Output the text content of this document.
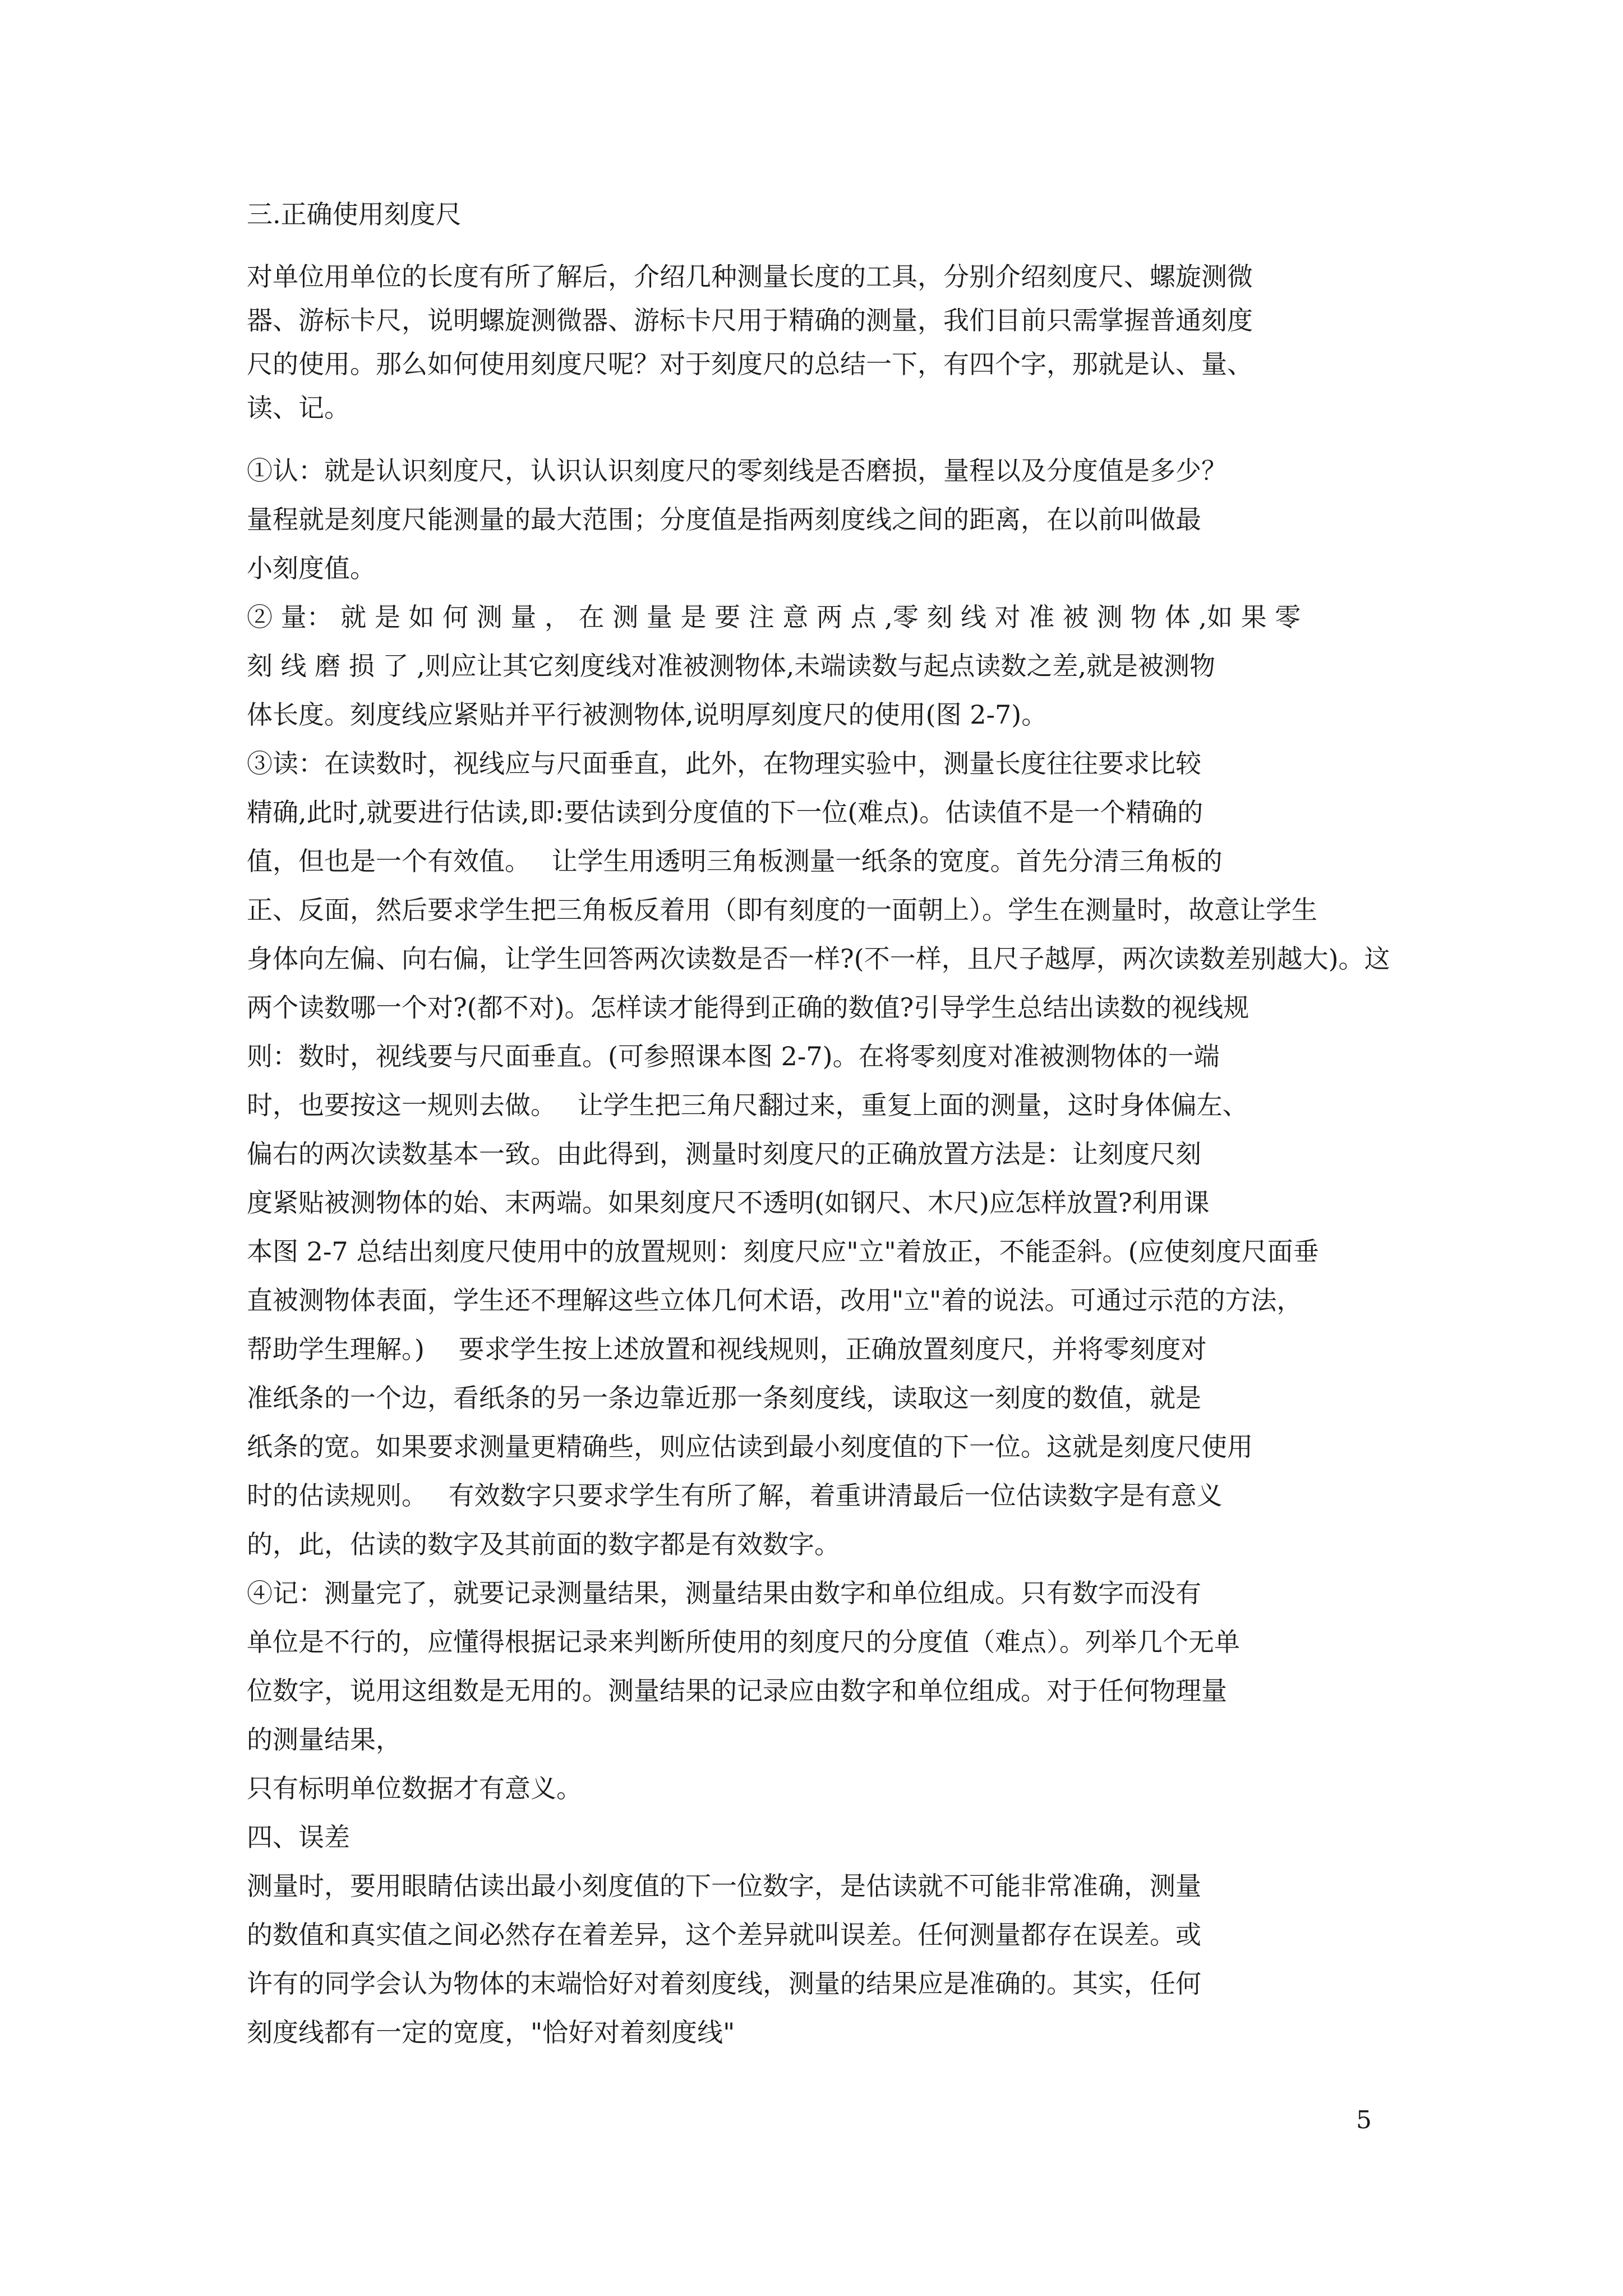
三.正确使用刻度尺

对单位用单位的长度有所了解后，介绍几种测量长度的工具，分别介绍刻度尺、螺旋测微

器、游标卡尺，说明螺旋测微器、游标卡尺用于精确的测量，我们目前只需掌握普通刻度

尺的使用。那么如何使用刻度尺呢？对于刻度尺的总结一下，有四个字，那就是认、量、

读、记。

①认：就是认识刻度尺，认识认识刻度尺的零刻线是否磨损，量程以及分度值是多少？

量程就是刻度尺能测量的最大范围；分度值是指两刻度线之间的距离，在以前叫做最

小刻度值。

② 量： 就 是 如 何 测 量 ， 在 测 量 是 要 注 意 两 点 ,零 刻 线 对 准 被 测 物 体 ,如 果 零

刻 线 磨 损 了 ,则应让其它刻度线对准被测物体,未端读数与起点读数之差,就是被测物

体长度。刻度线应紧贴并平行被测物体,说明厚刻度尺的使用(图 2-7)。

③读：在读数时，视线应与尺面垂直，此外，在物理实验中，测量长度往往要求比较

精确,此时,就要进行估读,即:要估读到分度值的下一位(难点)。估读值不是一个精确的

值，但也是一个有效值。　 让学生用透明三角板测量一纸条的宽度。首先分清三角板的

正、反面，然后要求学生把三角板反着用（即有刻度的一面朝上）。学生在测量时，故意让学生

身体向左偏、向右偏，让学生回答两次读数是否一样?(不一样，且尺子越厚，两次读数差别越大)。这

两个读数哪一个对?(都不对)。怎样读才能得到正确的数值?引导学生总结出读数的视线规

则：数时，视线要与尺面垂直。(可参照课本图 2-7)。在将零刻度对准被测物体的一端

时，也要按这一规则去做。　 让学生把三角尺翻过来，重复上面的测量，这时身体偏左、

偏右的两次读数基本一致。由此得到，测量时刻度尺的正确放置方法是：让刻度尺刻

度紧贴被测物体的始、末两端。如果刻度尺不透明(如钢尺、木尺)应怎样放置?利用课

本图 2-7 总结出刻度尺使用中的放置规则：刻度尺应"立"着放正，不能歪斜。(应使刻度尺面垂

直被测物体表面，学生还不理解这些立体几何术语，改用"立"着的说法。可通过示范的方法，

帮助学生理解。)　 要求学生按上述放置和视线规则，正确放置刻度尺，并将零刻度对

准纸条的一个边，看纸条的另一条边靠近那一条刻度线，读取这一刻度的数值，就是

纸条的宽。如果要求测量更精确些，则应估读到最小刻度值的下一位。这就是刻度尺使用

时的估读规则。　 有效数字只要求学生有所了解，着重讲清最后一位估读数字是有意义

的，此，估读的数字及其前面的数字都是有效数字。

④记：测量完了，就要记录测量结果，测量结果由数字和单位组成。只有数字而没有

单位是不行的，应懂得根据记录来判断所使用的刻度尺的分度值（难点）。列举几个无单

位数字，说用这组数是无用的。测量结果的记录应由数字和单位组成。对于任何物理量

的测量结果，

只有标明单位数据才有意义。

四、误差

测量时，要用眼睛估读出最小刻度值的下一位数字，是估读就不可能非常准确，测量

的数值和真实值之间必然存在着差异，这个差异就叫误差。任何测量都存在误差。或

许有的同学会认为物体的末端恰好对着刻度线，测量的结果应是准确的。其实，任何

刻度线都有一定的宽度，"恰好对着刻度线"

5
